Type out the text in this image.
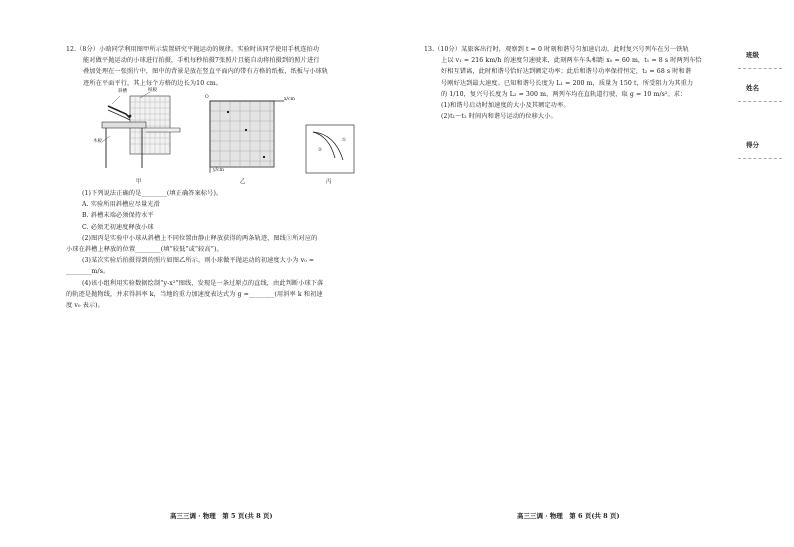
12.（8分）小晗同学利用图甲所示装置研究平抛运动的规律。实验时该同学使用手机连拍功
能对做平抛运动的小球进行拍摄，手机每秒拍摄7张照片且能自动将拍摄到的照片进行
叠加处理在一张照片中，图中的背景是放在竖直平面内的带有方格的纸板，纸板与小球轨
迹所在平面平行，其上每个方格的边长为10 cm。
斜槽	纸板
木板
甲
O	x/cm
y/cm
乙
①
②
丙
(1)下列说法正确的是________(填正确答案标号)。
A. 实验所用斜槽应尽量光滑
B. 斜槽末端必须保持水平
C. 必须无初速度释放小球
(2)图丙是实验中小球从斜槽上不同位置由静止释放获得的两条轨迹，图线①所对应的
小球在斜槽上释放的位置________(填“较低”或“较高”)。
(3)某次实验后拍摄得到的照片如图乙所示，则小球做平抛运动的初速度大小为 v₀ =
________m/s。
(4)该小组利用实验数据绘制“y-x²”图线，发现是一条过原点的直线，由此判断小球下落
的轨迹是抛物线，并求得斜率 k，当地的重力加速度表达式为 g =________(用斜率 k 和初速
度 v₀ 表示)。
高三三调 · 物理　第 5 页(共 8 页)
13.（10分）某旅客出行时，观察到 t = 0 时刻和谐号匀加速启动，此时复兴号列车在另一铁轨
上以 v₁ = 216 km/h 的速度匀速驶来，此刻两车车头相距 x₀ = 60 m，t₁ = 8 s 时两列车恰
好相互错离，此时和谐号恰好达到额定功率；此后和谐号功率保持恒定，t₂ = 68 s 时和谐
号刚好达到最大速度。已知和谐号长度为 L₁ = 200 m，质量为 150 t，所受阻力为其重力
的 1/10，复兴号长度为 L₂ = 300 m，两列车均在直轨道行驶，取 g = 10 m/s²。求：
(1)和谐号启动时加速度的大小及其额定功率。
(2)t₁～t₂ 时间内和谐号运动的位移大小。
班级
姓名
得分
高三三调 · 物理　第 6 页(共 8 页)
